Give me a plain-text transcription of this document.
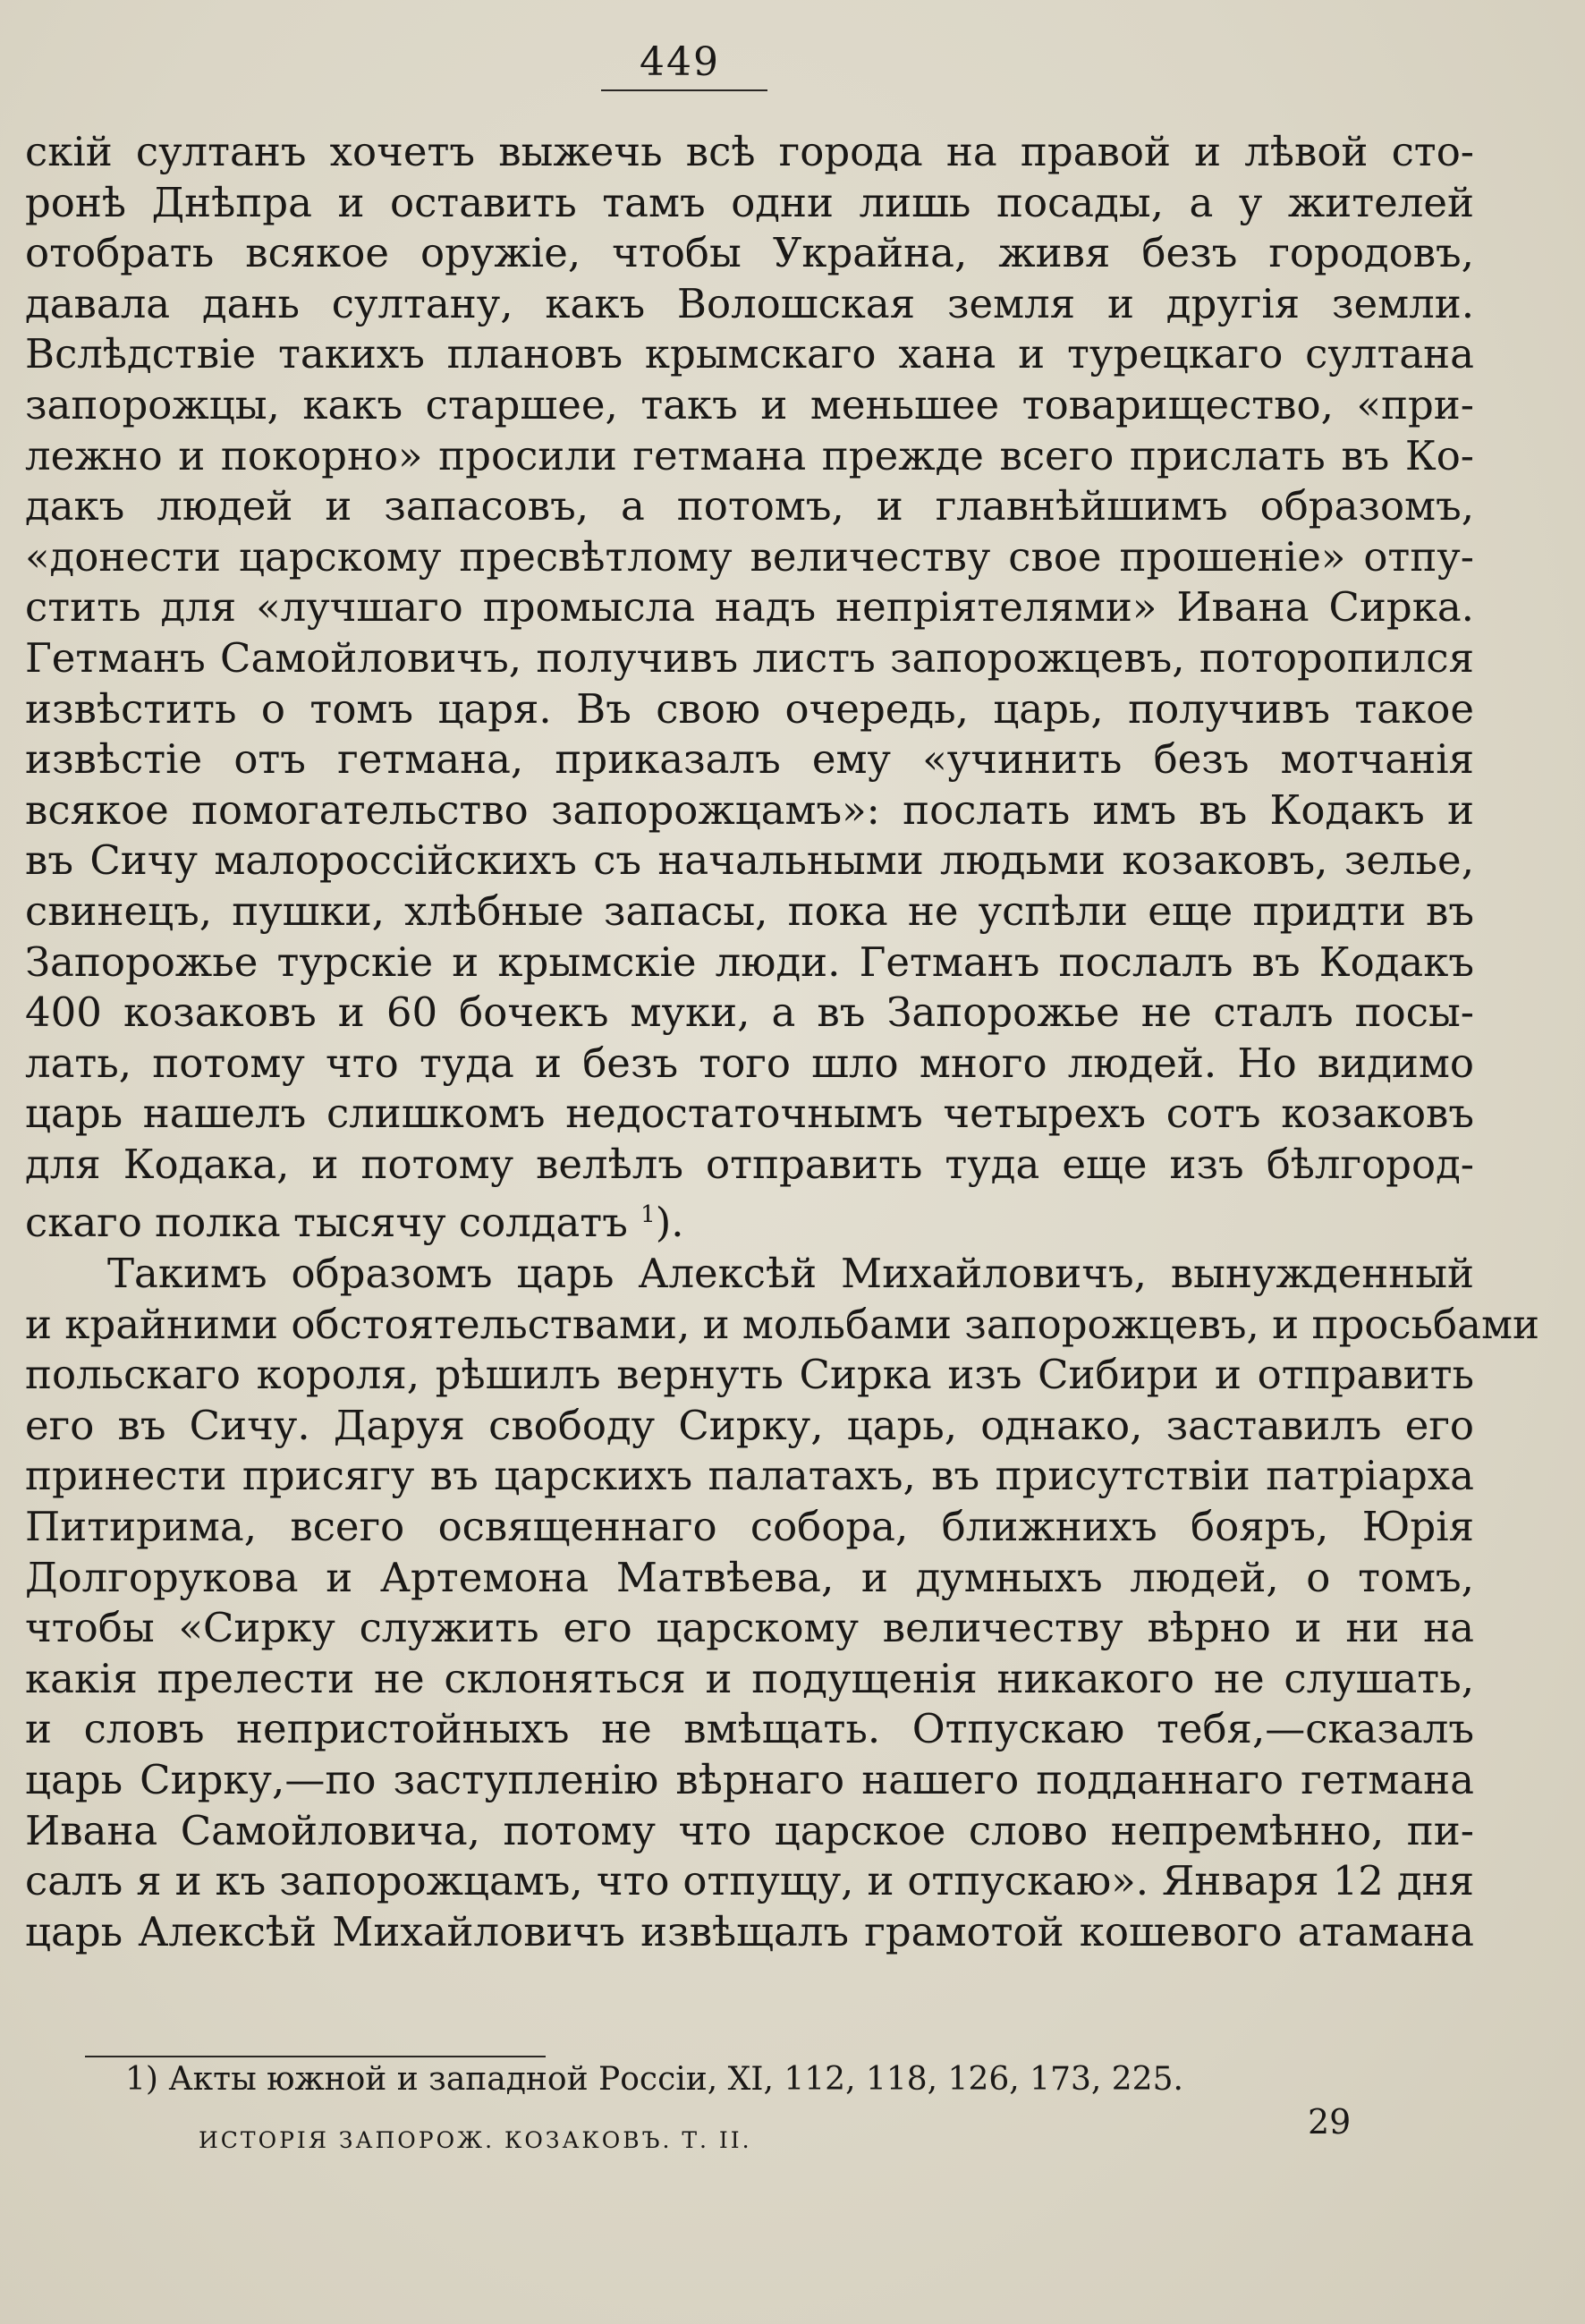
449
скій султанъ хочетъ выжечь всѣ города на правой и лѣвой сто-
ронѣ Днѣпра и оставить тамъ одни лишь посады, а у жителей
отобрать всякое оружіе, чтобы Украйна, живя безъ городовъ,
давала дань султану, какъ Волошская земля и другія земли.
Вслѣдствіе такихъ плановъ крымскаго хана и турецкаго султана
запорожцы, какъ старшее, такъ и меньшее товарищество, «при-
лежно и покорно» просили гетмана прежде всего прислать въ Ко-
дакъ людей и запасовъ, а потомъ, и главнѣйшимъ образомъ,
«донести царскому пресвѣтлому величеству свое прошеніе» отпу-
стить для «лучшаго промысла надъ непріятелями» Ивана Сирка.
Гетманъ Самойловичъ, получивъ листъ запорожцевъ, поторопился
извѣстить о томъ царя. Въ свою очередь, царь, получивъ такое
извѣстіе отъ гетмана, приказалъ ему «учинить безъ мотчанія
всякое помогательство запорожцамъ»: послать имъ въ Кодакъ и
въ Сичу малороссійскихъ съ начальными людьми козаковъ, зелье,
свинецъ, пушки, хлѣбные запасы, пока не успѣли еще придти въ
Запорожье турскіе и крымскіе люди. Гетманъ послалъ въ Кодакъ
400 козаковъ и 60 бочекъ муки, а въ Запорожье не сталъ посы-
лать, потому что туда и безъ того шло много людей. Но видимо
царь нашелъ слишкомъ недостаточнымъ четырехъ сотъ козаковъ
для Кодака, и потому велѣлъ отправить туда еще изъ бѣлгород-
скаго полка тысячу солдатъ $^1$).
Такимъ образомъ царь Алексѣй Михайловичъ, вынужденный
и крайними обстоятельствами, и мольбами запорожцевъ, и просьбами
польскаго короля, рѣшилъ вернуть Сирка изъ Сибири и отправить
его въ Сичу. Даруя свободу Сирку, царь, однако, заставилъ его
принести присягу въ царскихъ палатахъ, въ присутствіи патріарха
Питирима, всего освященнаго собора, ближнихъ бояръ, Юрія
Долгорукова и Артемона Матвѣева, и думныхъ людей, о томъ,
чтобы «Сирку служить его царскому величеству вѣрно и ни на
какія прелести не склоняться и подущенія никакого не слушать,
и словъ непристойныхъ не вмѣщать. Отпускаю тебя,—сказалъ
царь Сирку,—по заступленію вѣрнаго нашего подданнаго гетмана
Ивана Самойловича, потому что царское слово непремѣнно, пи-
салъ я и къ запорожцамъ, что отпущу, и отпускаю». Января 12 дня
царь Алексѣй Михайловичъ извѣщалъ грамотой кошевого атамана
1) Акты южной и западной Россіи, XI, 112, 118, 126, 173, 225.
ИСТОРІЯ ЗАПОРОЖ. КОЗАКОВЪ. Т. II.	29
